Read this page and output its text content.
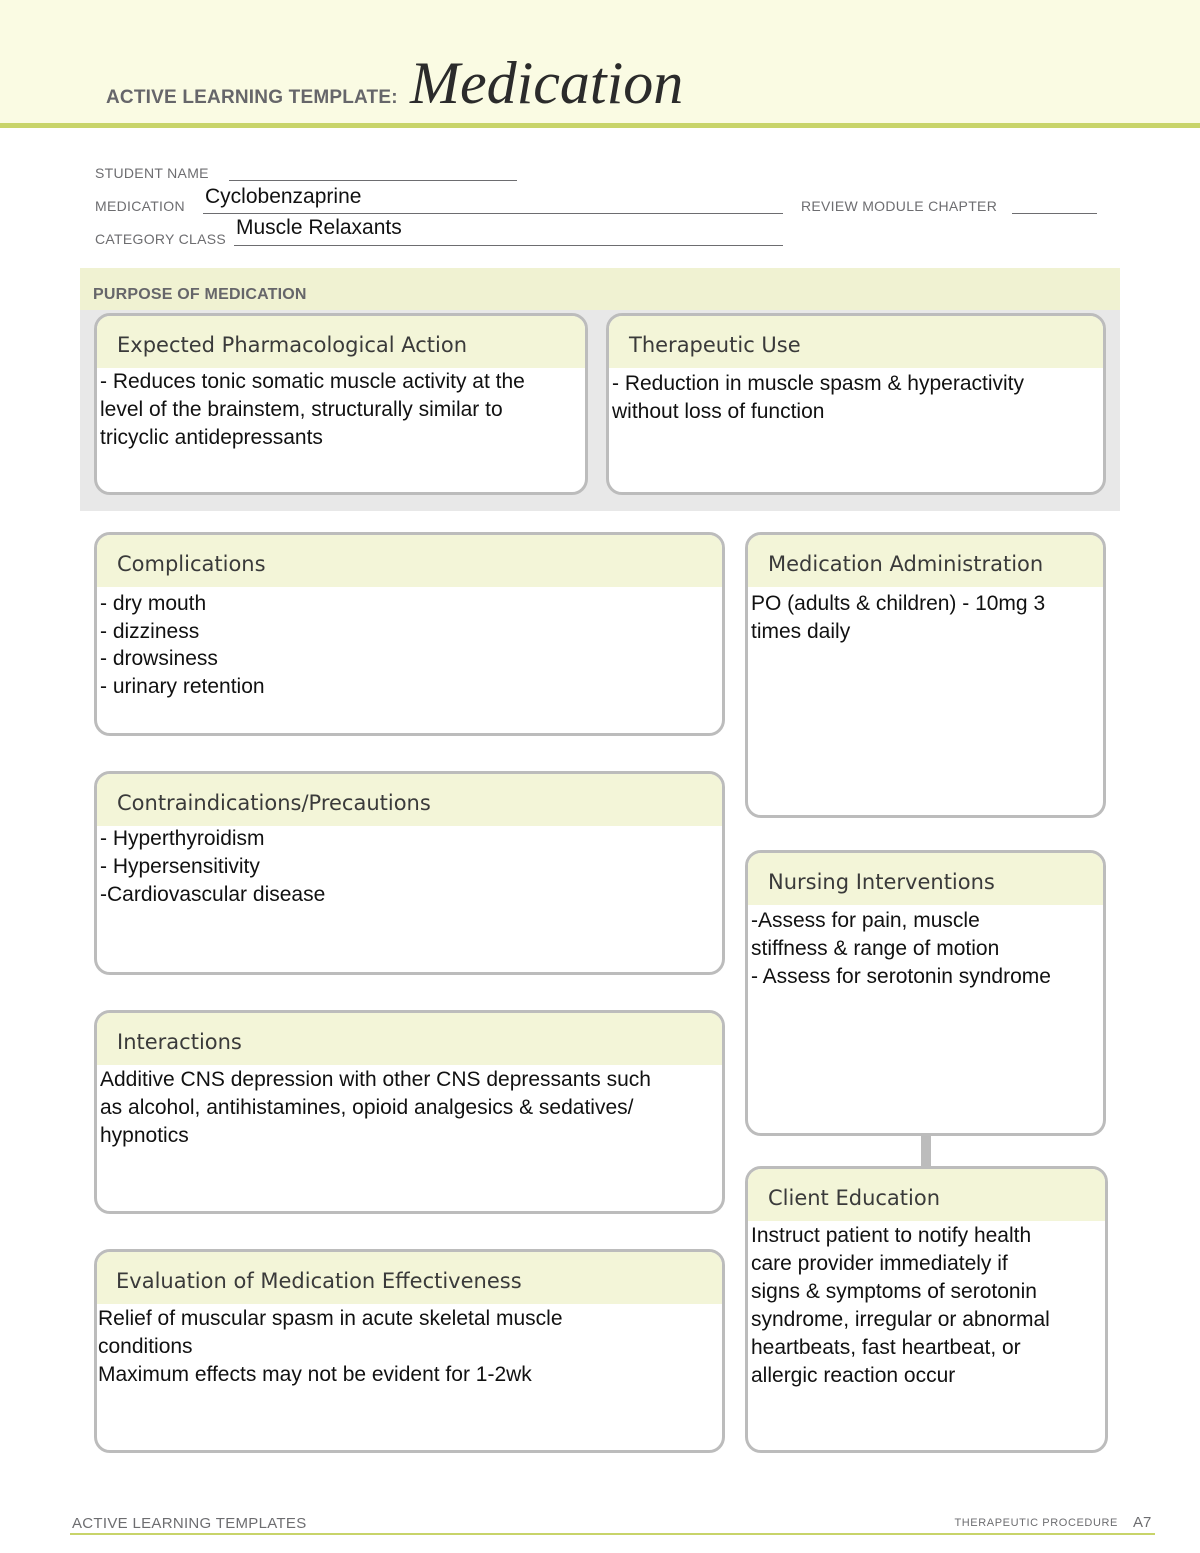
ACTIVE LEARNING TEMPLATE: Medication
STUDENT NAME
MEDICATION Cyclobenzaprine	REVIEW MODULE CHAPTER
CATEGORY CLASS Muscle Relaxants
PURPOSE OF MEDICATION
Expected Pharmacological Action
- Reduces tonic somatic muscle activity at the
level of the brainstem, structurally similar to
tricyclic antidepressants
Therapeutic Use
- Reduction in muscle spasm & hyperactivity
without loss of function
Complications
- dry mouth
- dizziness
- drowsiness
- urinary retention
Contraindications/Precautions
- Hyperthyroidism
- Hypersensitivity
-Cardiovascular disease
Interactions
Additive CNS depression with other CNS depressants such
as alcohol, antihistamines, opioid analgesics & sedatives/
hypnotics
Evaluation of Medication Effectiveness
Relief of muscular spasm in acute skeletal muscle
conditions
Maximum effects may not be evident for 1-2wk
Medication Administration
PO (adults & children) - 10mg 3
times daily
Nursing Interventions
-Assess for pain, muscle
stiffness & range of motion
- Assess for serotonin syndrome
Client Education
Instruct patient to notify health
care provider immediately if
signs & symptoms of serotonin
syndrome, irregular or abnormal
heartbeats, fast heartbeat, or
allergic reaction occur
ACTIVE LEARNING TEMPLATES	THERAPEUTIC PROCEDURE A7
